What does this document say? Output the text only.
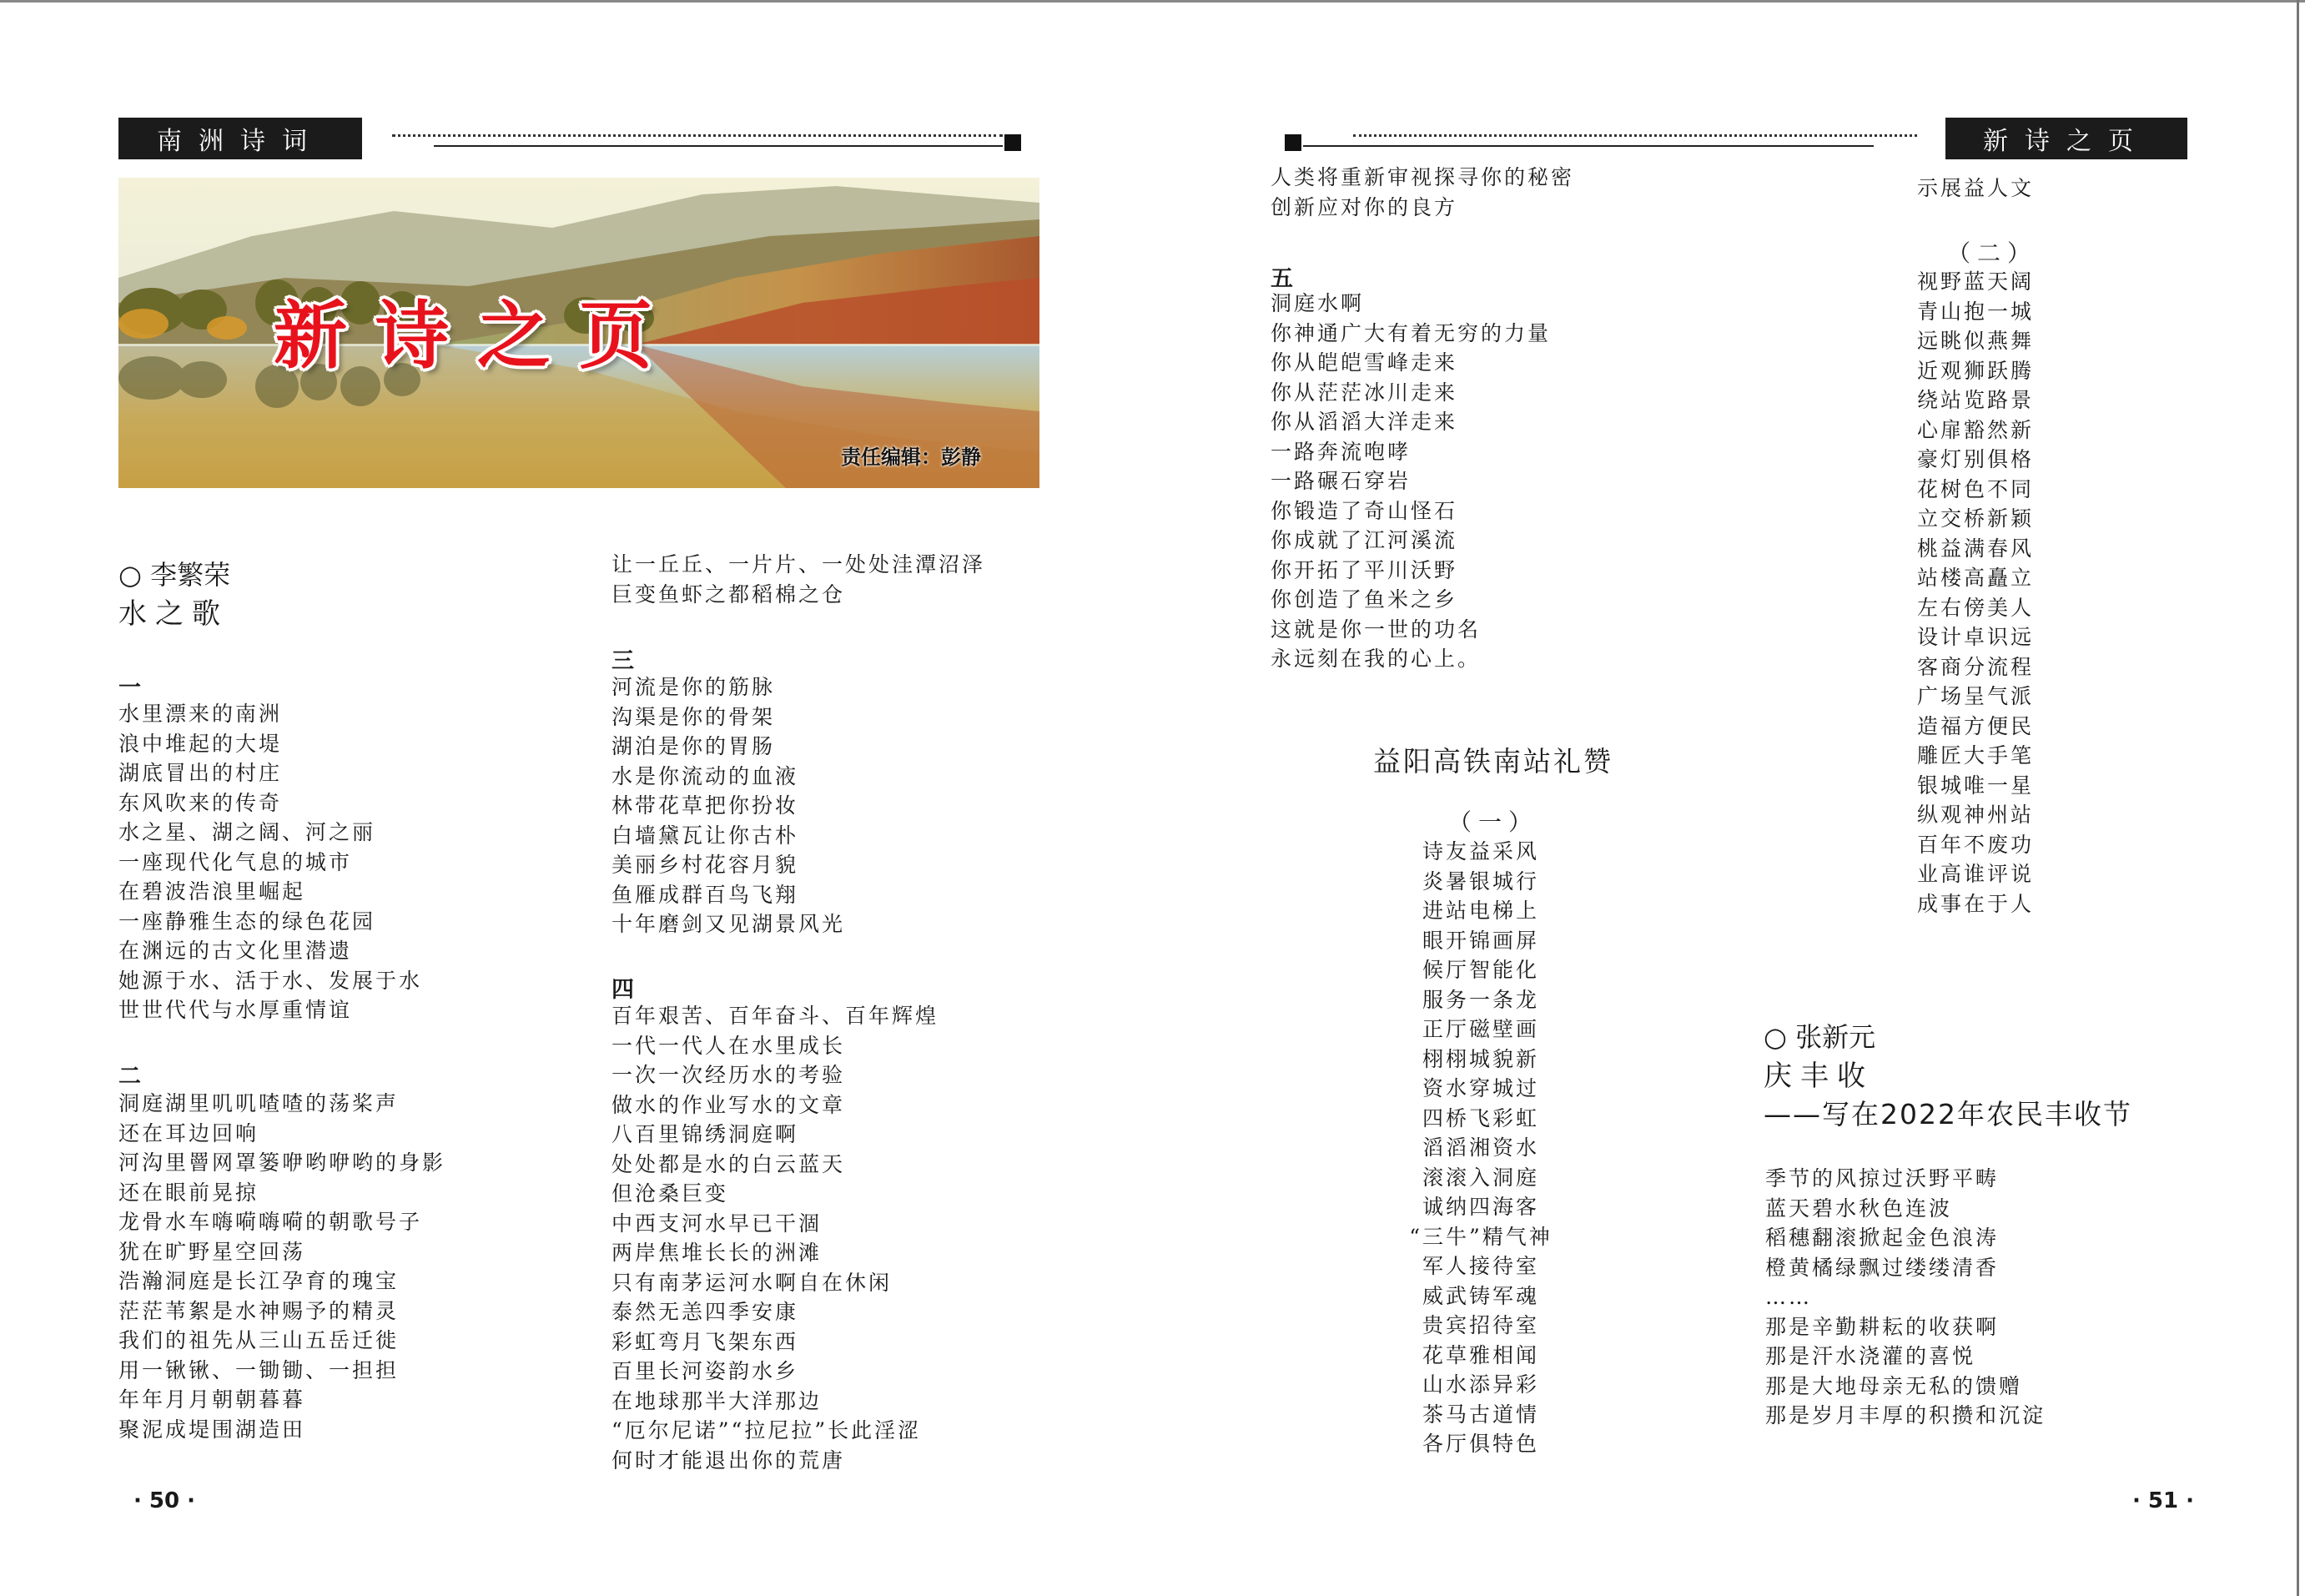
南洲诗词
新诗之页
责任编辑：彭静
○ 李繁荣
水之歌
一
水里漂来的南洲
浪中堆起的大堤
湖底冒出的村庄
东风吹来的传奇
水之星、湖之阔、河之丽
一座现代化气息的城市
在碧波浩浪里崛起
一座静雅生态的绿色花园
在渊远的古文化里潜遗
她源于水、活于水、发展于水
世世代代与水厚重情谊
二
洞庭湖里叽叽喳喳的荡桨声
还在耳边回响
河沟里罾网罩篓咿哟咿哟的身影
还在眼前晃掠
龙骨水车嗨嗬嗨嗬的朝歌号子
犹在旷野星空回荡
浩瀚洞庭是长江孕育的瑰宝
茫茫苇絮是水神赐予的精灵
我们的祖先从三山五岳迁徙
用一锹锹、一锄锄、一担担
年年月月朝朝暮暮
聚泥成堤围湖造田
让一丘丘、一片片、一处处洼潭沼泽
巨变鱼虾之都稻棉之仓
三
河流是你的筋脉
沟渠是你的骨架
湖泊是你的胃肠
水是你流动的血液
林带花草把你扮妆
白墙黛瓦让你古朴
美丽乡村花容月貌
鱼雁成群百鸟飞翔
十年磨剑又见湖景风光
四
百年艰苦、百年奋斗、百年辉煌
一代一代人在水里成长
一次一次经历水的考验
做水的作业写水的文章
八百里锦绣洞庭啊
处处都是水的白云蓝天
但沧桑巨变
中西支河水早已干涸
两岸焦堆长长的洲滩
只有南茅运河水啊自在休闲
泰然无恙四季安康
彩虹弯月飞架东西
百里长河姿韵水乡
在地球那半大洋那边
“厄尔尼诺”“拉尼拉”长此淫涩
何时才能退出你的荒唐
· 50 ·
新诗之页
人类将重新审视探寻你的秘密
创新应对你的良方
五
洞庭水啊
你神通广大有着无穷的力量
你从皑皑雪峰走来
你从茫茫冰川走来
你从滔滔大洋走来
一路奔流咆哮
一路碾石穿岩
你锻造了奇山怪石
你成就了江河溪流
你开拓了平川沃野
你创造了鱼米之乡
这就是你一世的功名
永远刻在我的心上。
益阳高铁南站礼赞
（一）
诗友益采风
炎暑银城行
进站电梯上
眼开锦画屏
候厅智能化
服务一条龙
正厅磁壁画
栩栩城貌新
资水穿城过
四桥飞彩虹
滔滔湘资水
滚滚入洞庭
诚纳四海客
“三牛”精气神
军人接待室
威武铸军魂
贵宾招待室
花草雅相闻
山水添异彩
茶马古道情
各厅俱特色
示展益人文
（二）
视野蓝天阔
青山抱一城
远眺似燕舞
近观狮跃腾
绕站览路景
心扉豁然新
豪灯别俱格
花树色不同
立交桥新颖
桃益满春风
站楼高矗立
左右傍美人
设计卓识远
客商分流程
广场呈气派
造福方便民
雕匠大手笔
银城唯一星
纵观神州站
百年不废功
业高谁评说
成事在于人
○ 张新元
庆丰收
——写在2022年农民丰收节
季节的风掠过沃野平畴
蓝天碧水秋色连波
稻穗翻滚掀起金色浪涛
橙黄橘绿飘过缕缕清香
……
那是辛勤耕耘的收获啊
那是汗水浇灌的喜悦
那是大地母亲无私的馈赠
那是岁月丰厚的积攒和沉淀
· 51 ·
